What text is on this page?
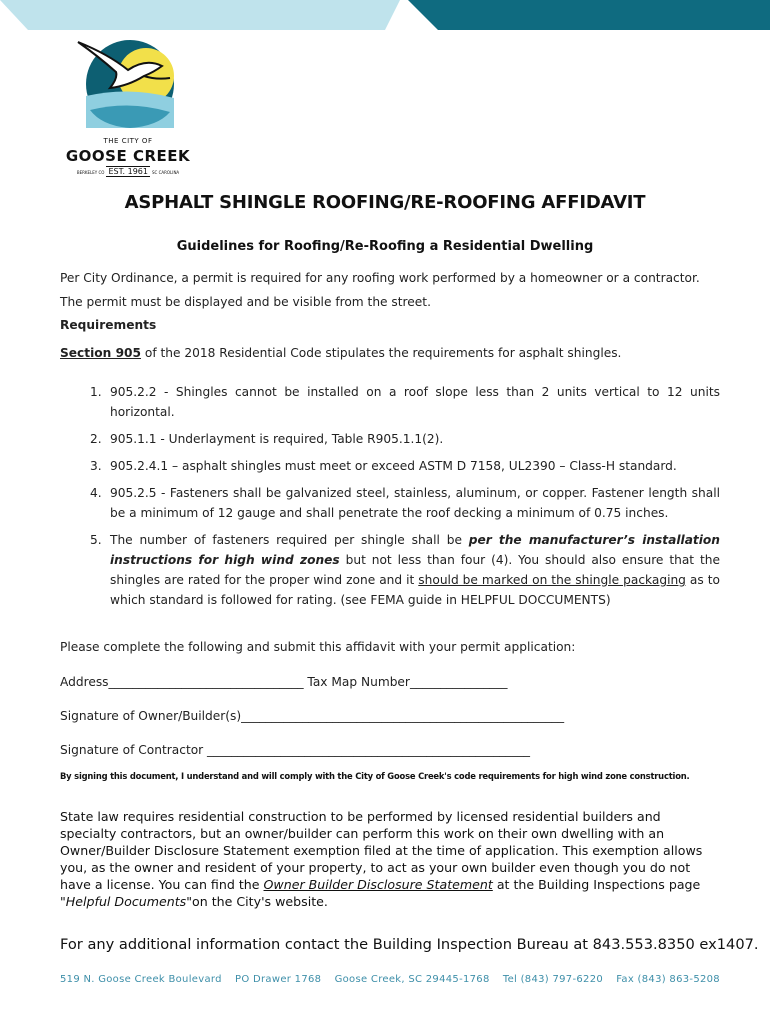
THE CITY OF
GOOSE CREEK
BERKELEY CO EST. 1961 SC CAROLINA
ASPHALT SHINGLE ROOFING/RE-ROOFING AFFIDAVIT
Guidelines for Roofing/Re-Roofing a Residential Dwelling
Per City Ordinance, a permit is required for any roofing work performed by a homeowner or a contractor.
The permit must be displayed and be visible from the street.
Requirements
Section 905 of the 2018 Residential Code stipulates the requirements for asphalt shingles.
1. 905.2.2 - Shingles cannot be installed on a roof slope less than 2 units vertical to 12 units horizontal.
2. 905.1.1 - Underlayment is required, Table R905.1.1(2).
3. 905.2.4.1 – asphalt shingles must meet or exceed ASTM D 7158, UL2390 – Class-H standard.
4. 905.2.5 - Fasteners shall be galvanized steel, stainless, aluminum, or copper. Fastener length shall be a minimum of 12 gauge and shall penetrate the roof decking a minimum of 0.75 inches.
5. The number of fasteners required per shingle shall be per the manufacturer’s installation instructions for high wind zones but not less than four (4). You should also ensure that the shingles are rated for the proper wind zone and it should be marked on the shingle packaging as to which standard is followed for rating. (see FEMA guide in HELPFUL DOCCUMENTS)
Please complete the following and submit this affidavit with your permit application:
Address________________________________ Tax Map Number________________
Signature of Owner/Builder(s)_____________________________________________________
Signature of Contractor _____________________________________________________
By signing this document, I understand and will comply with the City of Goose Creek's code requirements for high wind zone construction.
State law requires residential construction to be performed by licensed residential builders and specialty contractors, but an owner/builder can perform this work on their own dwelling with an Owner/Builder Disclosure Statement exemption filed at the time of application. This exemption allows you, as the owner and resident of your property, to act as your own builder even though you do not have a license. You can find the Owner Builder Disclosure Statement at the Building Inspections page "Helpful Documents"on the City's website.
For any additional information contact the Building Inspection Bureau at 843.553.8350 ex1407.
519 N. Goose Creek Boulevard PO Drawer 1768 Goose Creek, SC 29445-1768 Tel (843) 797-6220 Fax (843) 863-5208
